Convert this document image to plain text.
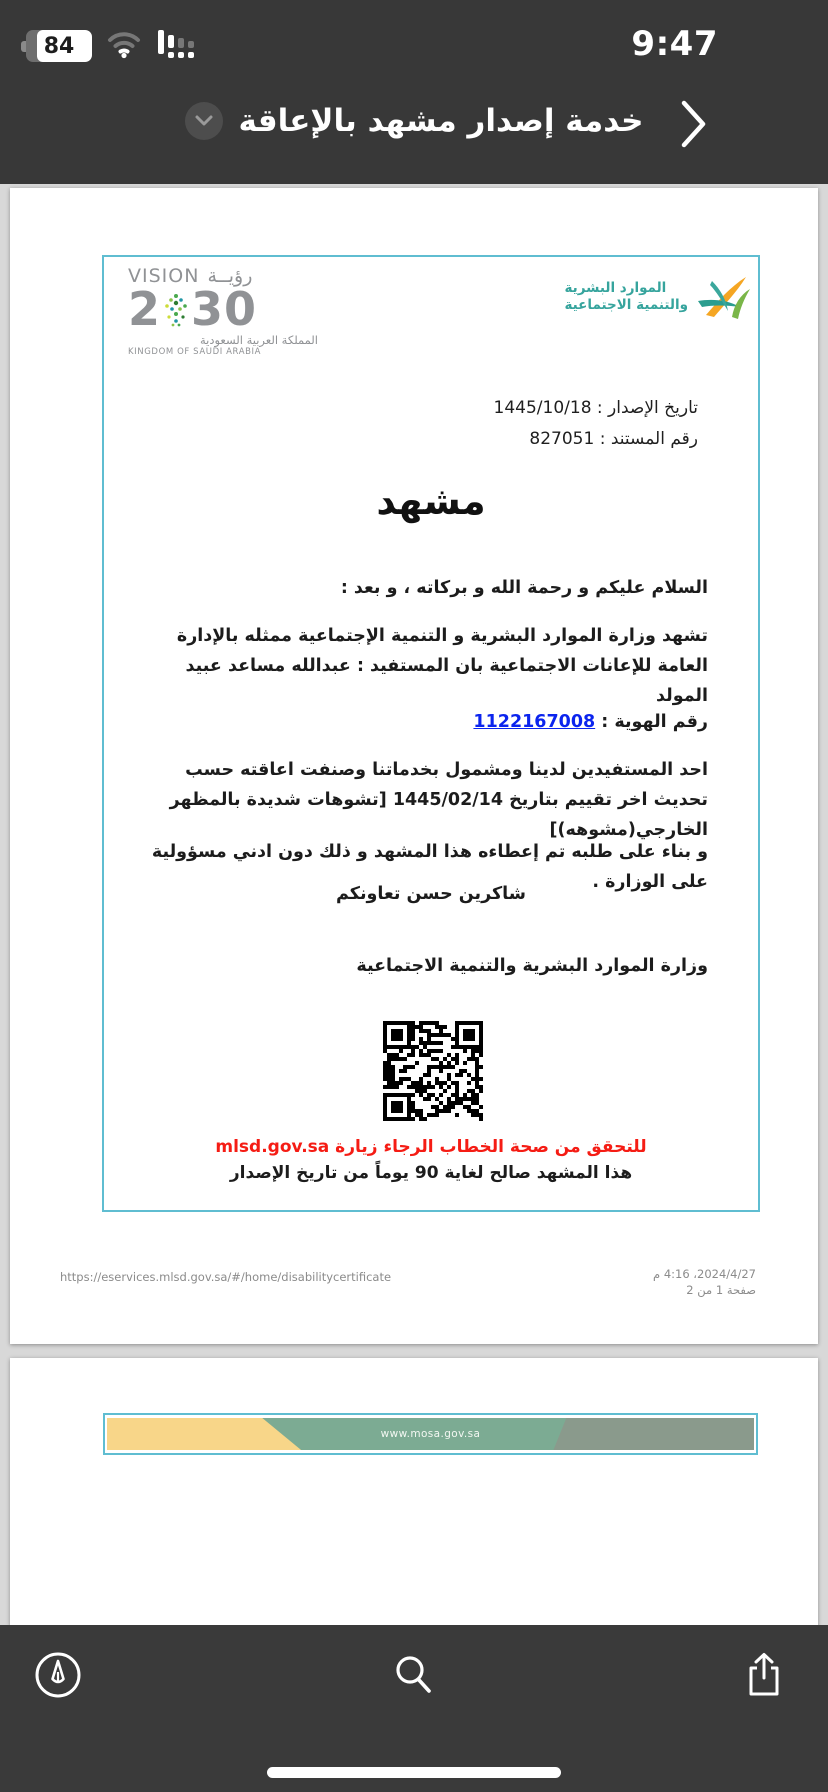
84	9:47
خدمة إصدار مشهد بالإعاقة
VISION رؤيــة
2 30
المملكة العربية السعودية
KINGDOM OF SAUDI ARABIA
الموارد البشرية
والتنمية الاجتماعية
تاريخ الإصدار : 1445/10/18
رقم المستند : 827051
مشهد
السلام عليكم و رحمة الله و بركاته ، و بعد :
تشهد وزارة الموارد البشرية و التنمية الإجتماعية ممثله بالإدارة العامة للإعانات الاجتماعية بان المستفيد : عبدالله مساعد عبيد المولد
رقم الهوية : 1122167008
احد المستفيدين لدينا ومشمول بخدماتنا وصنفت اعاقته حسب تحديث اخر تقييم بتاريخ 1445/02/14 [تشوهات شديدة بالمظهر الخارجي(مشوهه)]
و بناء على طلبه تم إعطاءه هذا المشهد و ذلك دون ادني مسؤولية على الوزارة .
شاكرين حسن تعاونكم
وزارة الموارد البشرية والتنمية الاجتماعية
للتحقق من صحة الخطاب الرجاء زيارة mlsd.gov.sa
هذا المشهد صالح لغاية 90 يوماً من تاريخ الإصدار
https://eservices.mlsd.gov.sa/#/home/disabilitycertificate	2024/4/27، 4:16 م
صفحة 1 من 2
www.mosa.gov.sa
